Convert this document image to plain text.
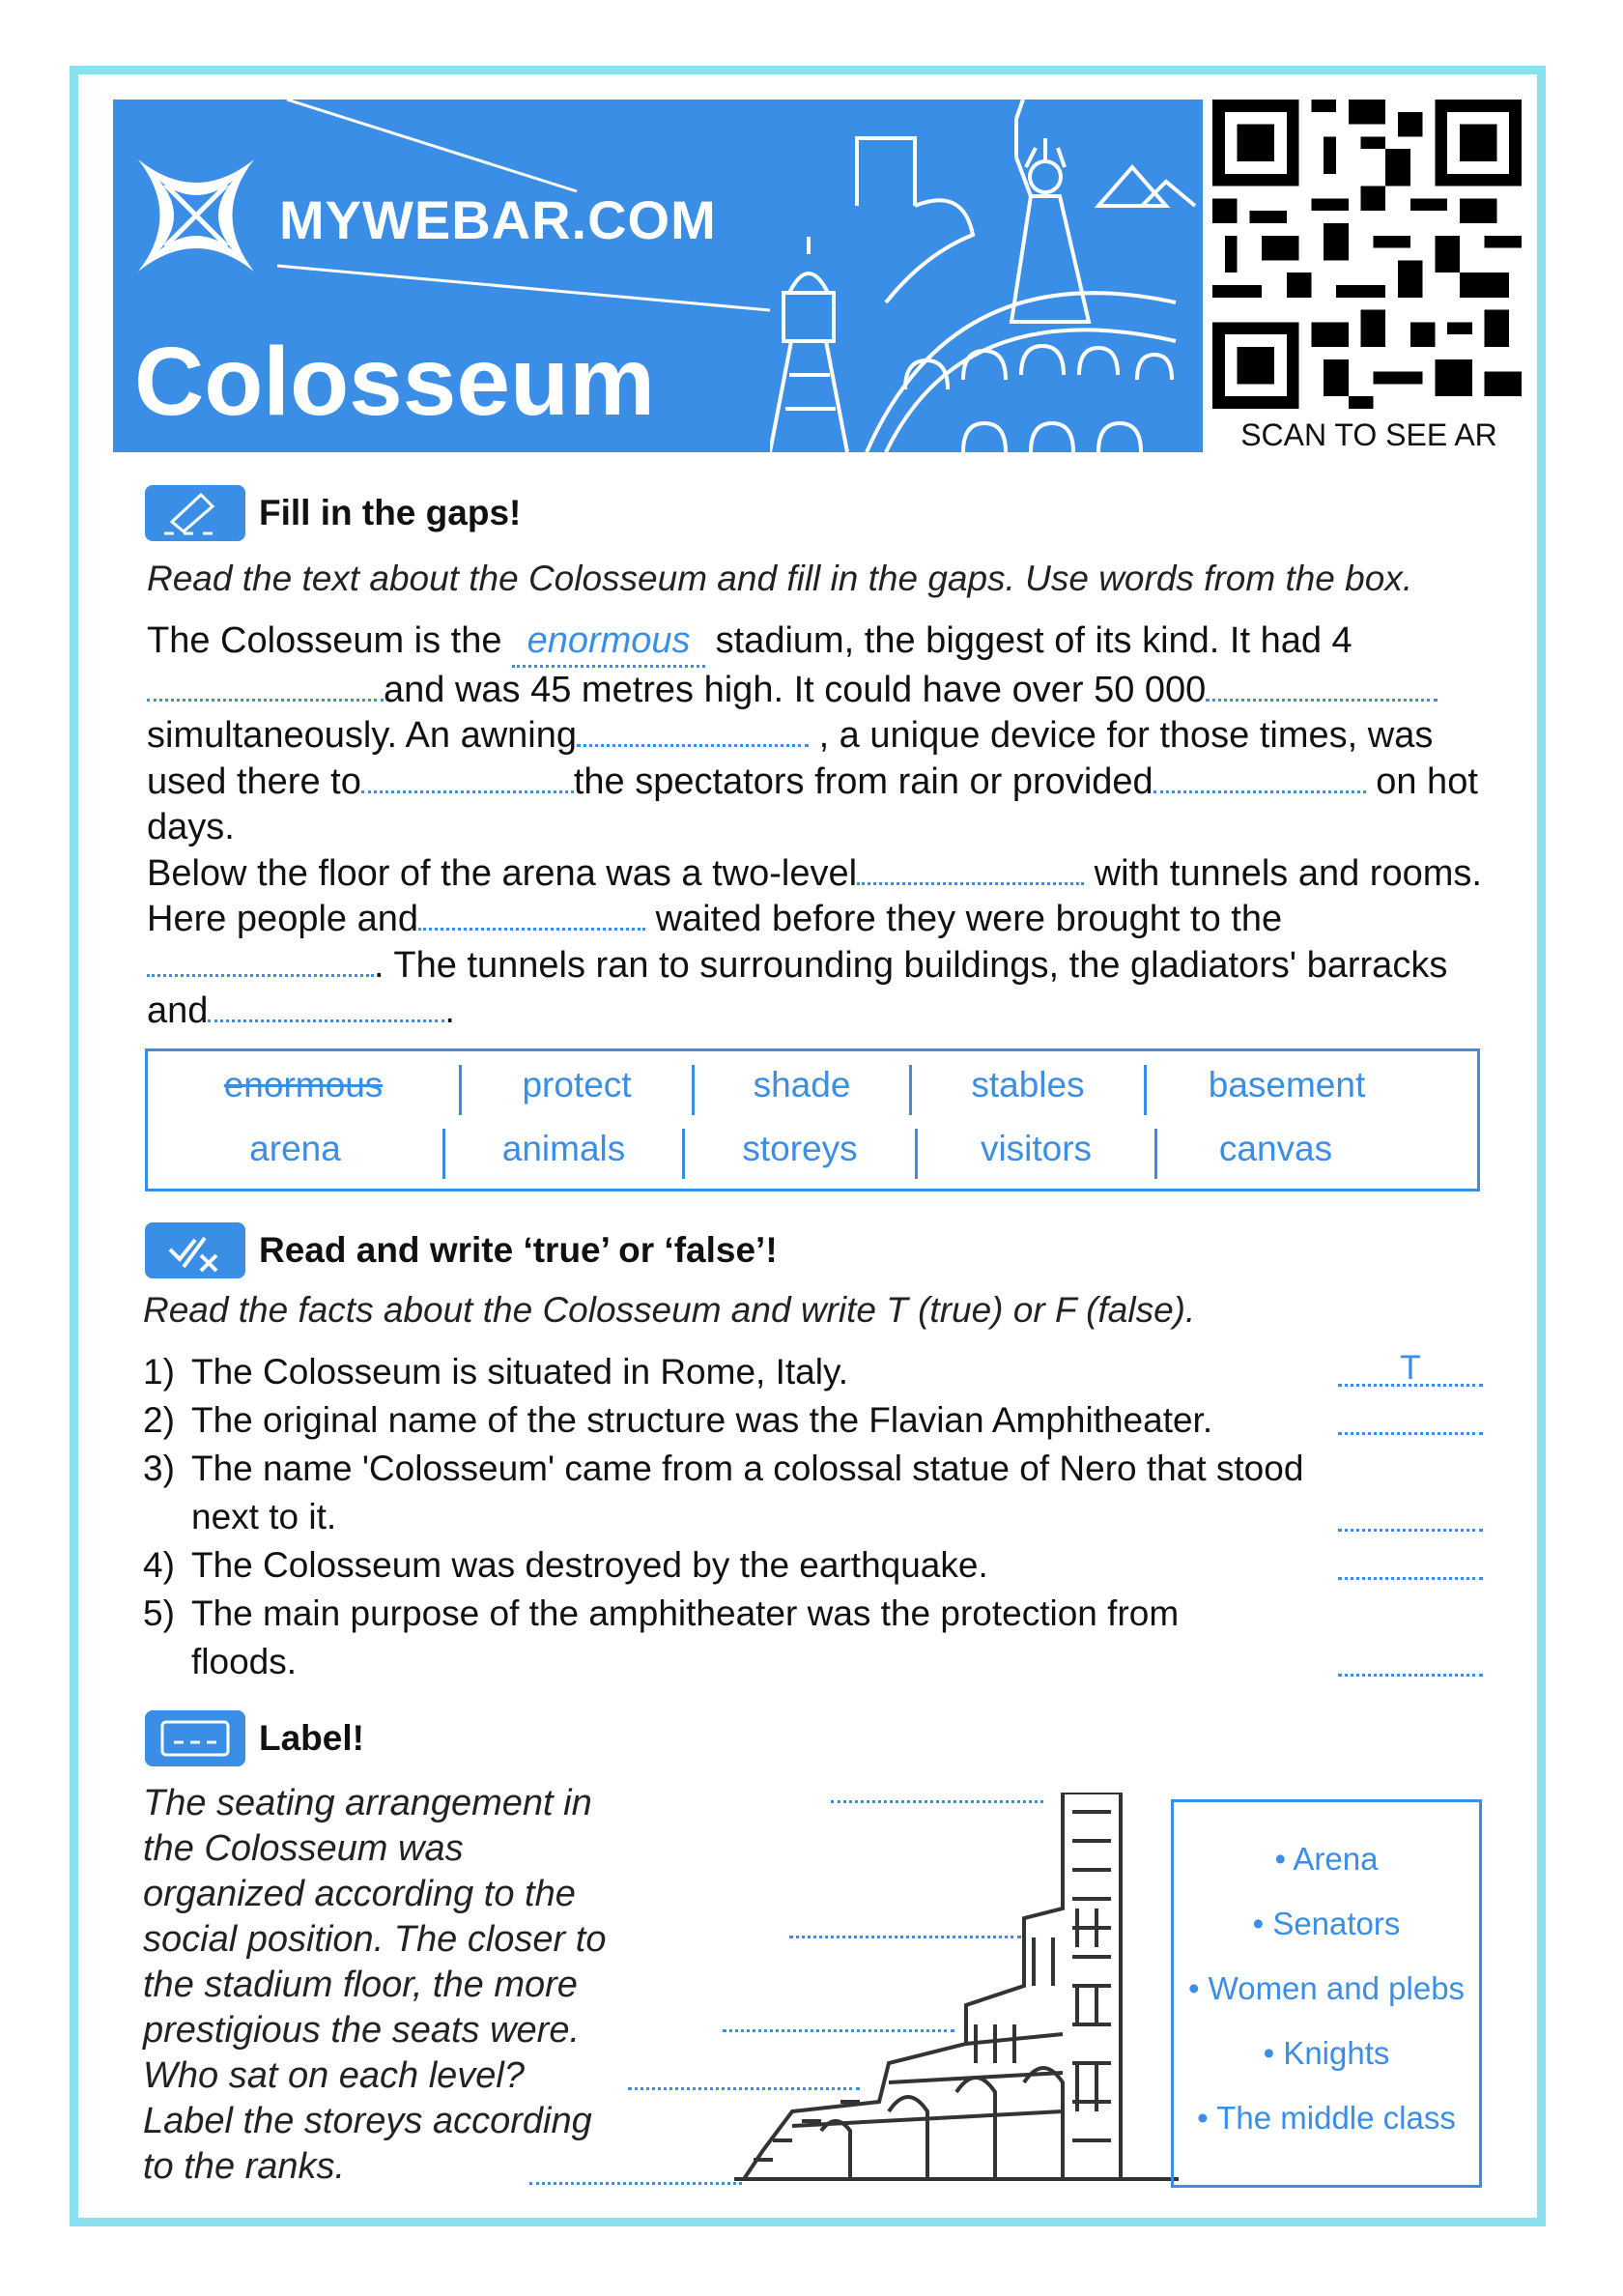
MYWEBAR.COM
Colosseum	SCAN TO SEE AR
Fill in the gaps!
Read the text about the Colosseum and fill in the gaps. Use words from the box.

The Colosseum is the enormous stadium, the biggest of its kind. It had 4 and was 45 metres high. It could have over 50 000 simultaneously. An awning	, a unique device for those times, was used there to	the spectators from rain or provided	on hot days.
Below the floor of the arena was a two-level	with tunnels and rooms. Here people and	waited before they were brought to the . The tunnels ran to surrounding buildings, the gladiators' barracks and	.

enormous	protect	shade	stables	basement
arena	animals	storeys	visitors	canvas
Read and write ‘true’ or ‘false’!
Read the facts about the Colosseum and write T (true) or F (false).
1) The Colosseum is situated in Rome, Italy.
2) The original name of the structure was the Flavian Amphitheater.
3) The name 'Colosseum' came from a colossal statue of Nero that stood next to it.
4) The Colosseum was destroyed by the earthquake.
5) The main purpose of the amphitheater was the protection from floods.
T
Label!
The seating arrangement in the Colosseum was organized according to the social position. The closer to the stadium floor, the more prestigious the seats were. Who sat on each level? Label the storeys according to the ranks.
• Arena
• Senators
• Women and plebs
• Knights
• The middle class
